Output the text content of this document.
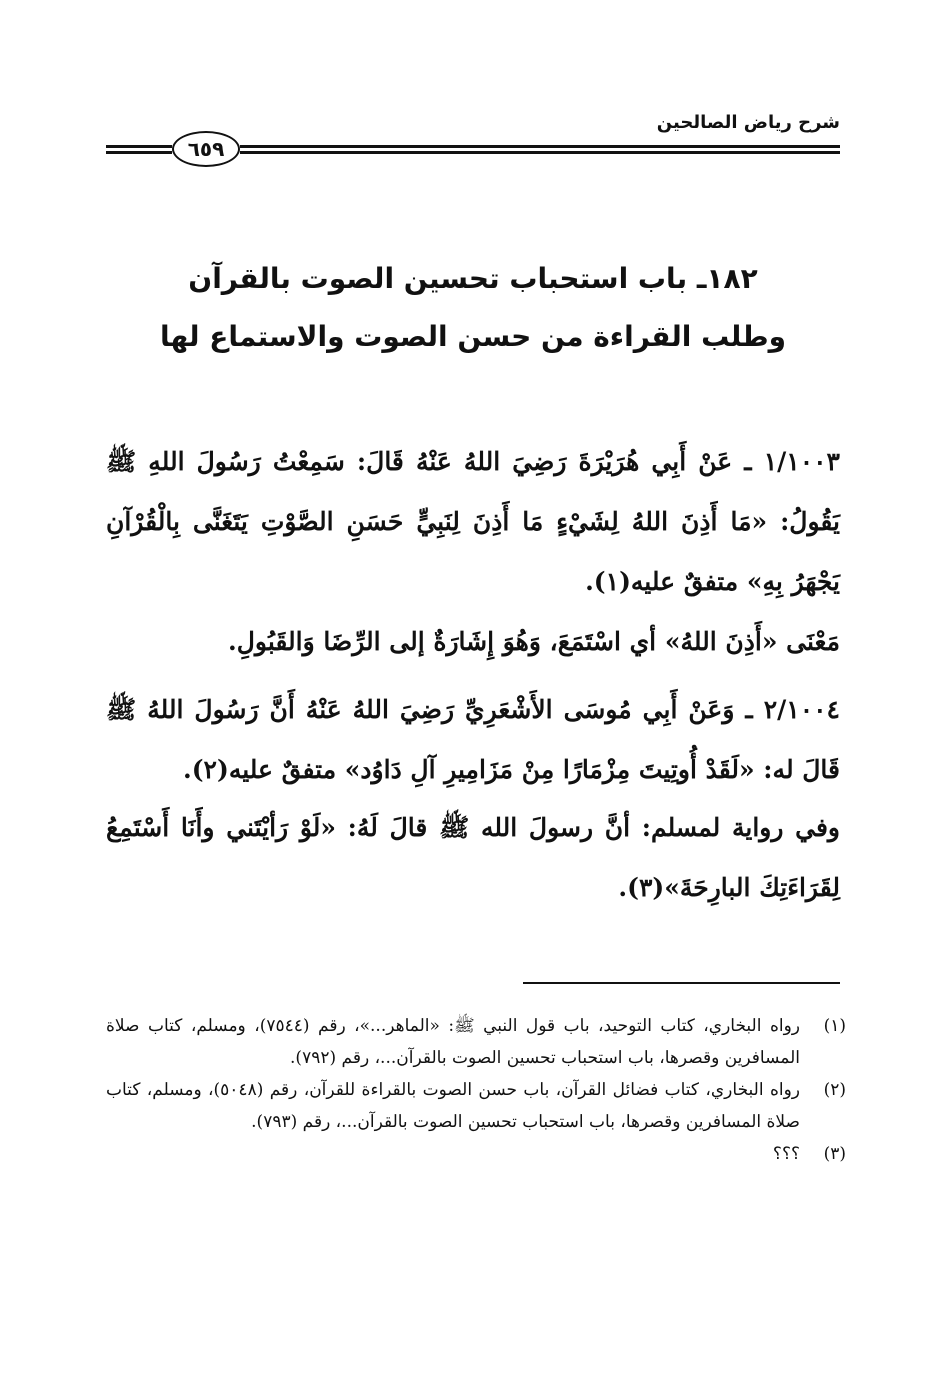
شرح رياض الصالحين
٦٥٩
١٨٢ـ باب استحباب تحسين الصوت بالقرآن
وطلب القراءة من حسن الصوت والاستماع لها
١/١٠٠٣ ـ عَنْ أَبِي هُرَيْرَةَ رَضِيَ اللهُ عَنْهُ قَالَ: سَمِعْتُ رَسُولَ اللهِ ﷺ يَقُولُ: «مَا أَذِنَ اللهُ لِشَيْءٍ مَا أَذِنَ لِنَبِيٍّ حَسَنِ الصَّوْتِ يَتَغَنَّى بِالْقُرْآنِ يَجْهَرُ بِهِ» متفقٌ عليه(١).
مَعْنَى «أَذِنَ اللهُ» أي اسْتَمَعَ، وَهُوَ إِشَارَةٌ إلى الرِّضَا وَالقَبُولِ.
٢/١٠٠٤ ـ وَعَنْ أَبِي مُوسَى الأَشْعَرِيِّ رَضِيَ اللهُ عَنْهُ أَنَّ رَسُولَ اللهُ ﷺ قَالَ له: «لَقَدْ أُوتِيتَ مِزْمَارًا مِنْ مَزَامِيرِ آلِ دَاوُد» متفقٌ عليه(٢).
وفي رواية لمسلم: أنَّ رسولَ الله ﷺ قالَ لَهُ: «لَوْ رَأيْتَني وأَنَا أَسْتَمِعُ لِقَرَاءَتِكَ البارِحَةَ»(٣).
(١)
رواه البخاري، كتاب التوحيد، باب قول النبي ﷺ: «الماهر...»، رقم (٧٥٤٤)، ومسلم، كتاب صلاة المسافرين وقصرها، باب استحباب تحسين الصوت بالقرآن...، رقم (٧٩٢).
(٢)
رواه البخاري، كتاب فضائل القرآن، باب حسن الصوت بالقراءة للقرآن، رقم (٥٠٤٨)، ومسلم، كتاب صلاة المسافرين وقصرها، باب استحباب تحسين الصوت بالقرآن...، رقم (٧٩٣).
(٣)
؟؟؟
